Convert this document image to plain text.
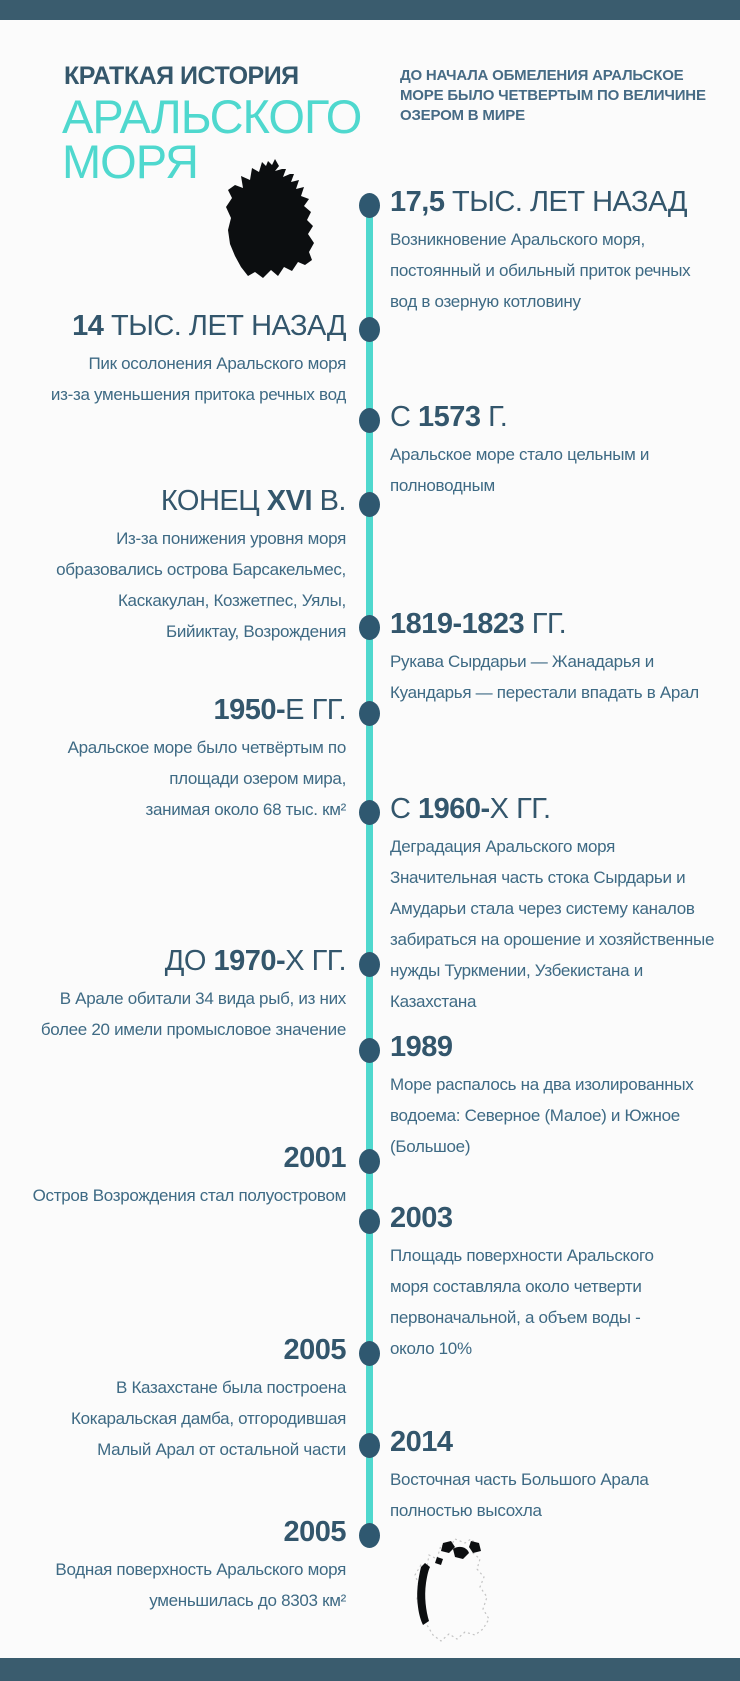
КРАТКАЯ ИСТОРИЯ
АРАЛЬСКОГО
МОРЯ
ДО НАЧАЛА ОБМЕЛЕНИЯ АРАЛЬСКОЕ
МОРЕ БЫЛО ЧЕТВЕРТЫМ ПО ВЕЛИЧИНЕ
ОЗЕРОМ В МИРЕ
17,5 ТЫС. ЛЕТ НАЗАД
Возникновение Аральского моря,
постоянный и обильный приток речных
вод в озерную котловину
14 ТЫС. ЛЕТ НАЗАД
Пик осолонения Аральского моря
из-за уменьшения притока речных вод
С 1573 Г.
Аральское море стало цельным и
полноводным
КОНЕЦ XVI В.
Из-за понижения уровня моря
образовались острова Барсакельмес,
Каскакулан, Козжетпес, Уялы,
Бийиктау, Возрождения 1819-1823 ГГ.
Рукава Сырдарьи — Жанадарья и
Куандарья — перестали впадать в Арал
1950-Е ГГ.
Аральское море было четвёртым по
площади озером мира,
занимая около 68 тыс. км² С 1960-Х ГГ.
Деградация Аральского моря
Значительная часть стока Сырдарьи и
Амударьи стала через систему каналов
забираться на орошение и хозяйственные
нужды Туркмении, Узбекистана и Казахстана
ДО 1970-Х ГГ.
В Арале обитали 34 вида рыб, из них
более 20 имели промысловое значение
1989
Море распалось на два изолированных
водоема: Северное (Малое) и Южное
(Большое)
2001
Остров Возрождения стал полуостровом
2003
Площадь поверхности Аральского
моря составляла около четверти
первоначальной, а объем воды -
около 10%
2005
В Казахстане была построена
Кокаральская дамба, отгородившая
Малый Арал от остальной части 2014
Восточная часть Большого Арала
полностью высохла
2005
Водная поверхность Аральского моря
уменьшилась до 8303 км²
